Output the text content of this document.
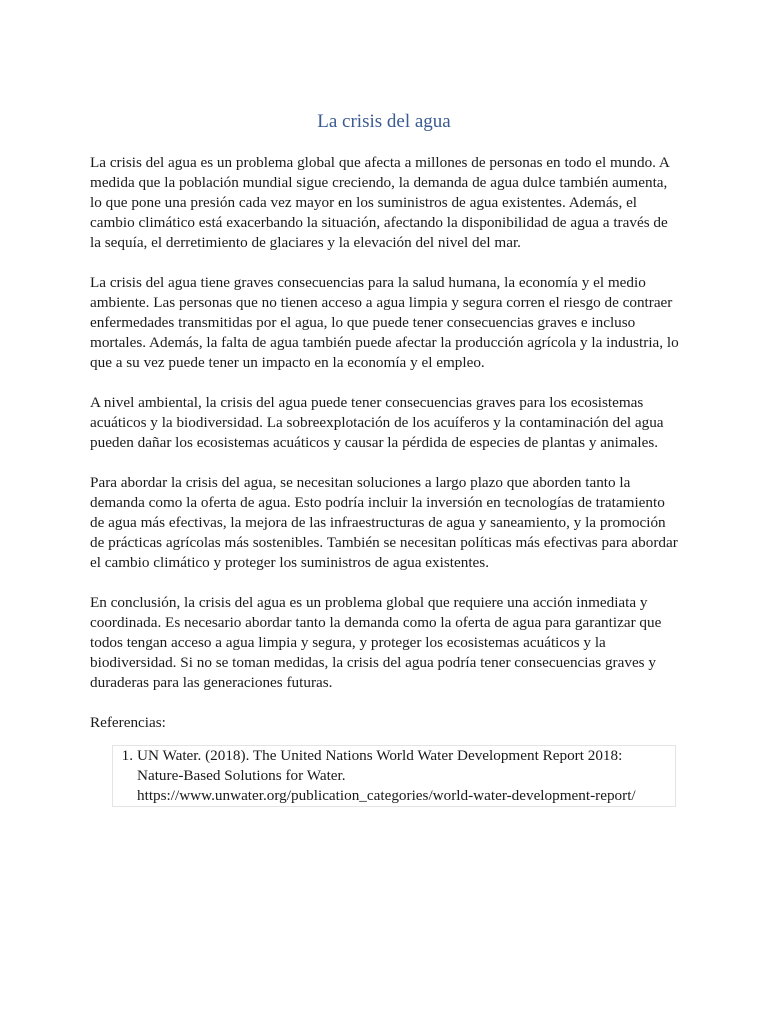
La crisis del agua

La crisis del agua es un problema global que afecta a millones de personas en todo el mundo. A medida que la población mundial sigue creciendo, la demanda de agua dulce también aumenta, lo que pone una presión cada vez mayor en los suministros de agua existentes. Además, el cambio climático está exacerbando la situación, afectando la disponibilidad de agua a través de la sequía, el derretimiento de glaciares y la elevación del nivel del mar.

La crisis del agua tiene graves consecuencias para la salud humana, la economía y el medio ambiente. Las personas que no tienen acceso a agua limpia y segura corren el riesgo de contraer enfermedades transmitidas por el agua, lo que puede tener consecuencias graves e incluso mortales. Además, la falta de agua también puede afectar la producción agrícola y la industria, lo que a su vez puede tener un impacto en la economía y el empleo.

A nivel ambiental, la crisis del agua puede tener consecuencias graves para los ecosistemas acuáticos y la biodiversidad. La sobreexplotación de los acuíferos y la contaminación del agua pueden dañar los ecosistemas acuáticos y causar la pérdida de especies de plantas y animales.

Para abordar la crisis del agua, se necesitan soluciones a largo plazo que aborden tanto la demanda como la oferta de agua. Esto podría incluir la inversión en tecnologías de tratamiento de agua más efectivas, la mejora de las infraestructuras de agua y saneamiento, y la promoción de prácticas agrícolas más sostenibles. También se necesitan políticas más efectivas para abordar el cambio climático y proteger los suministros de agua existentes.

En conclusión, la crisis del agua es un problema global que requiere una acción inmediata y coordinada. Es necesario abordar tanto la demanda como la oferta de agua para garantizar que todos tengan acceso a agua limpia y segura, y proteger los ecosistemas acuáticos y la biodiversidad. Si no se toman medidas, la crisis del agua podría tener consecuencias graves y duraderas para las generaciones futuras.

Referencias:

1. UN Water. (2018). The United Nations World Water Development Report 2018: Nature-Based Solutions for Water. https://www.unwater.org/publication_categories/world-water-development-report/
